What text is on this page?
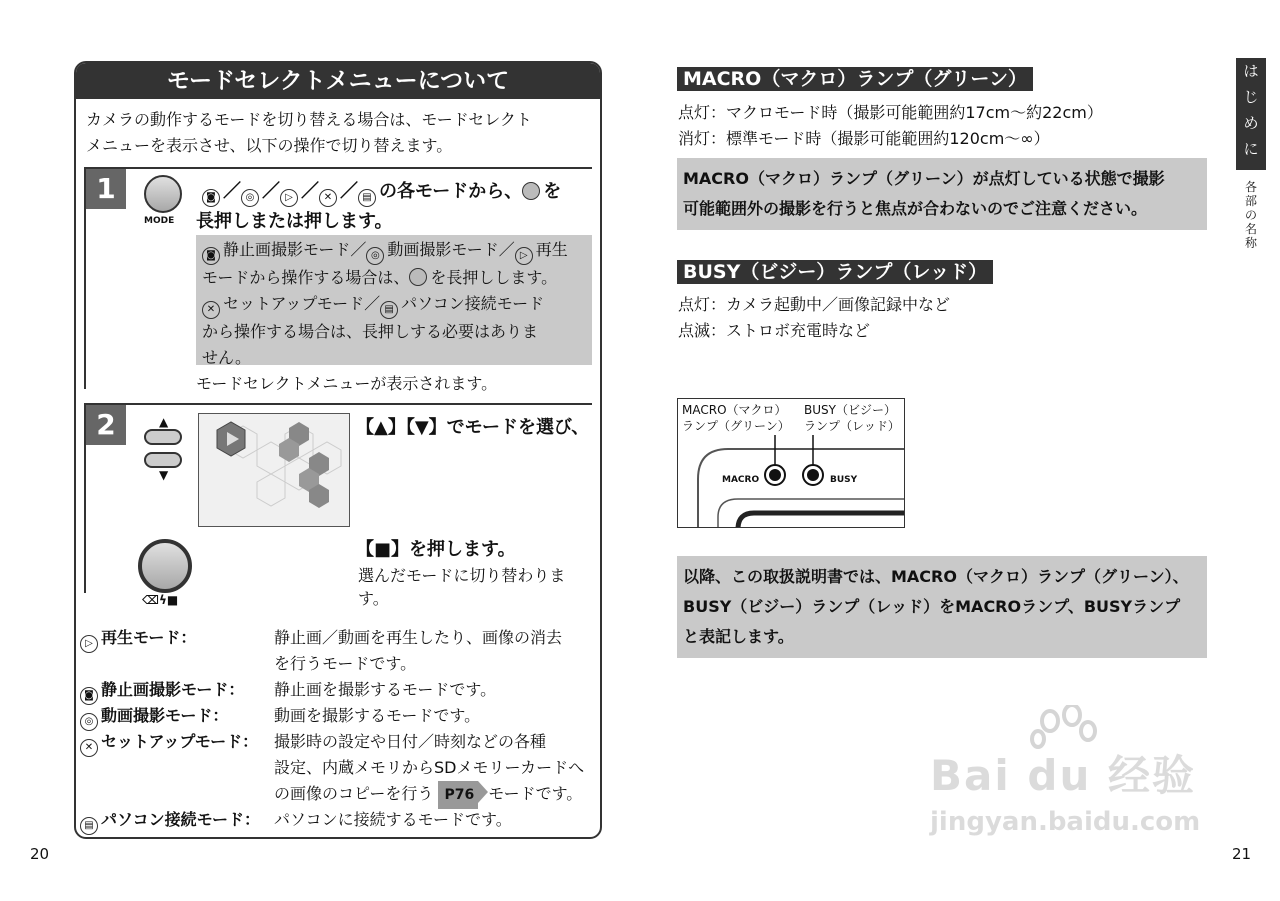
モードセレクトメニューについて
カメラの動作するモードを切り替える場合は、モードセレクト
メニューを表示させ、以下の操作で切り替えます。
1
MODE
◙ ／ ◎ ／ ▷ ／ ✕ ／ ▤ の各モードから、 を
長押しまたは押します。
◙ 静止画撮影モード／ ◎ 動画撮影モード／ ▷ 再生
モードから操作する場合は、 を長押しします。
✕ セットアップモード／ ▤ パソコン接続モード
から操作する場合は、長押しする必要はありま
せん。
モードセレクトメニューが表示されます。
2	▲
▼
【▲】【▼】でモードを選び、
【■】を押します。
選んだモードに切り替わります。
⌫ϟ■
▷ 再生モード：	静止画／動画を再生したり、画像の消去
を行うモードです。
◙ 静止画撮影モード： 静止画を撮影するモードです。
◎ 動画撮影モード：	動画を撮影するモードです。
✕ セットアップモード： 撮影時の設定や日付／時刻などの各種
設定、内蔵メモリからSDメモリーカードへ
の画像のコピーを行う P76 モードです。
▤ パソコン接続モード： パソコンに接続するモードです。
20
MACRO（マクロ）ランプ（グリーン）
点灯：マクロモード時（撮影可能範囲約17cm〜約22cm）
消灯：標準モード時（撮影可能範囲約120cm〜∞）
MACRO（マクロ）ランプ（グリーン）が点灯している状態で撮影
可能範囲外の撮影を行うと焦点が合わないのでご注意ください。
BUSY（ビジー）ランプ（レッド）
点灯：カメラ起動中／画像記録中など
点滅：ストロボ充電時など
MACRO（マクロ）
ランプ（グリーン）
BUSY（ビジー）
ランプ（レッド）
MACRO	BUSY
以降、この取扱説明書では、MACRO（マクロ）ランプ（グリーン）、
BUSY（ビジー）ランプ（レッド）をMACROランプ、BUSYランプ
と表記します。
は
じ
め
に
各部の名称
21
Bai du 经验
jingyan.baidu.com
